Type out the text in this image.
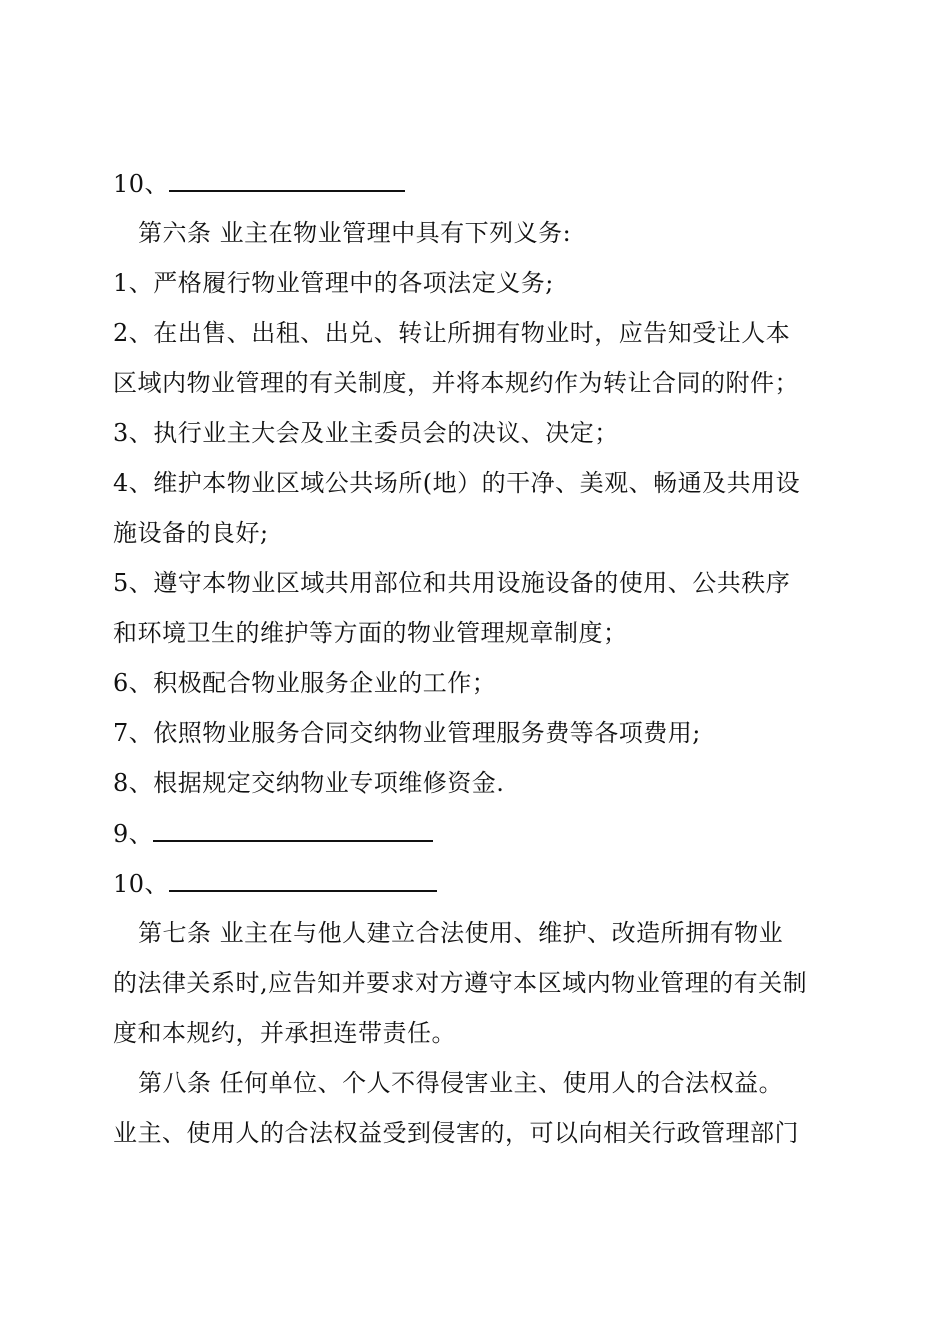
10、
第六条 业主在物业管理中具有下列义务:
1、严格履行物业管理中的各项法定义务;
2、在出售、出租、出兑、转让所拥有物业时，应告知受让人本
区域内物业管理的有关制度，并将本规约作为转让合同的附件；
3、执行业主大会及业主委员会的决议、决定；
4、维护本物业区域公共场所(地）的干净、美观、畅通及共用设
施设备的良好;
5、遵守本物业区域共用部位和共用设施设备的使用、公共秩序
和环境卫生的维护等方面的物业管理规章制度；
6、积极配合物业服务企业的工作；
7、依照物业服务合同交纳物业管理服务费等各项费用;
8、根据规定交纳物业专项维修资金.
9、
10、
第七条 业主在与他人建立合法使用、维护、改造所拥有物业
的法律关系时,应告知并要求对方遵守本区域内物业管理的有关制
度和本规约，并承担连带责任。
第八条 任何单位、个人不得侵害业主、使用人的合法权益。
业主、使用人的合法权益受到侵害的，可以向相关行政管理部门
